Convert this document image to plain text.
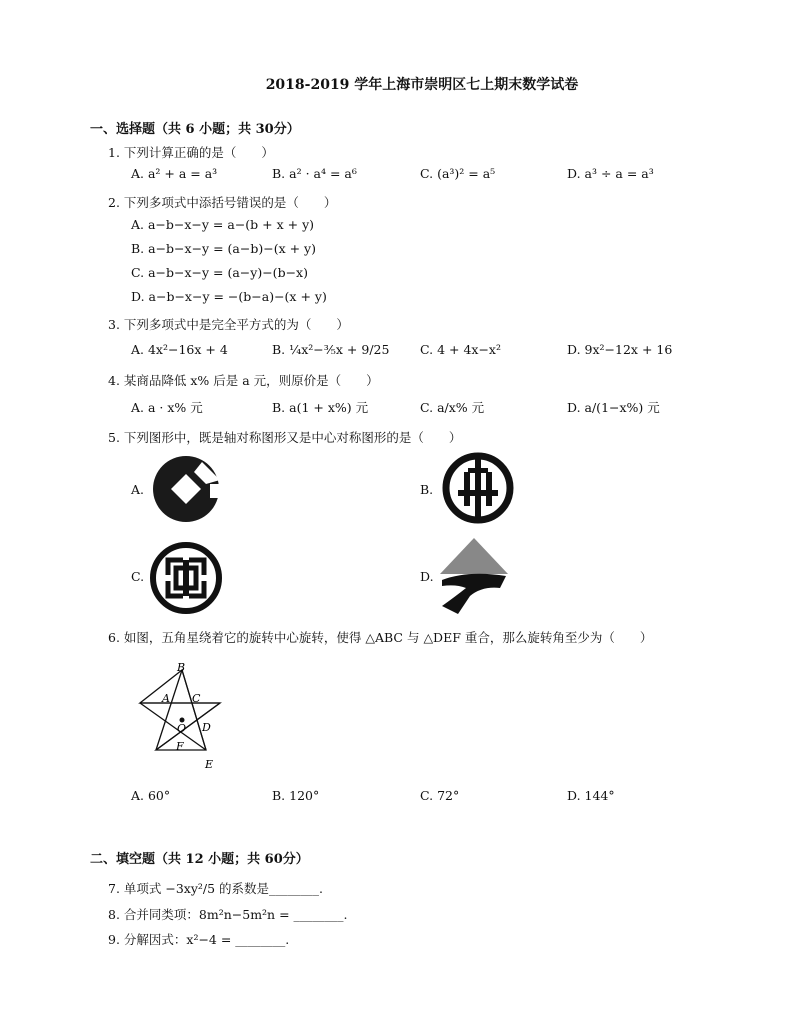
2018-2019 学年上海市崇明区七上期末数学试卷
一、选择题（共 6 小题；共 30分）
1. 下列计算正确的是（　　）
A. a² + a = a³	B. a² · a⁴ = a⁶	C. (a³)² = a⁵	D. a³ ÷ a = a³
2. 下列多项式中添括号错误的是（　　）
A. a−b−x−y = a−(b + x + y)
B. a−b−x−y = (a−b)−(x + y)
C. a−b−x−y = (a−y)−(b−x)
D. a−b−x−y = −(b−a)−(x + y)
3. 下列多项式中是完全平方式的为（　　）
A. 4x²−16x + 4	B. ¼x²−⅗x + 9/25 C. 4 + 4x−x²	D. 9x²−12x + 16
4. 某商品降低 x% 后是 a 元，则原价是（　　）
A. a · x% 元	B. a(1 + x%) 元	C. a/x% 元	D. a/(1−x%) 元
5. 下列图形中，既是轴对称图形又是中心对称图形的是（　　）
A.	B.
C.	D.
6. 如图，五角星绕着它的旋转中心旋转，使得 △ABC 与 △DEF 重合，那么旋转角至少为（　　）
B
A C
O D
F
E
A. 60°	B. 120°	C. 72°	D. 144°
二、填空题（共 12 小题；共 60分）
7. 单项式 −3xy²/5 的系数是________.
8. 合并同类项：8m²n−5m²n = ________.
9. 分解因式：x²−4 = ________.
